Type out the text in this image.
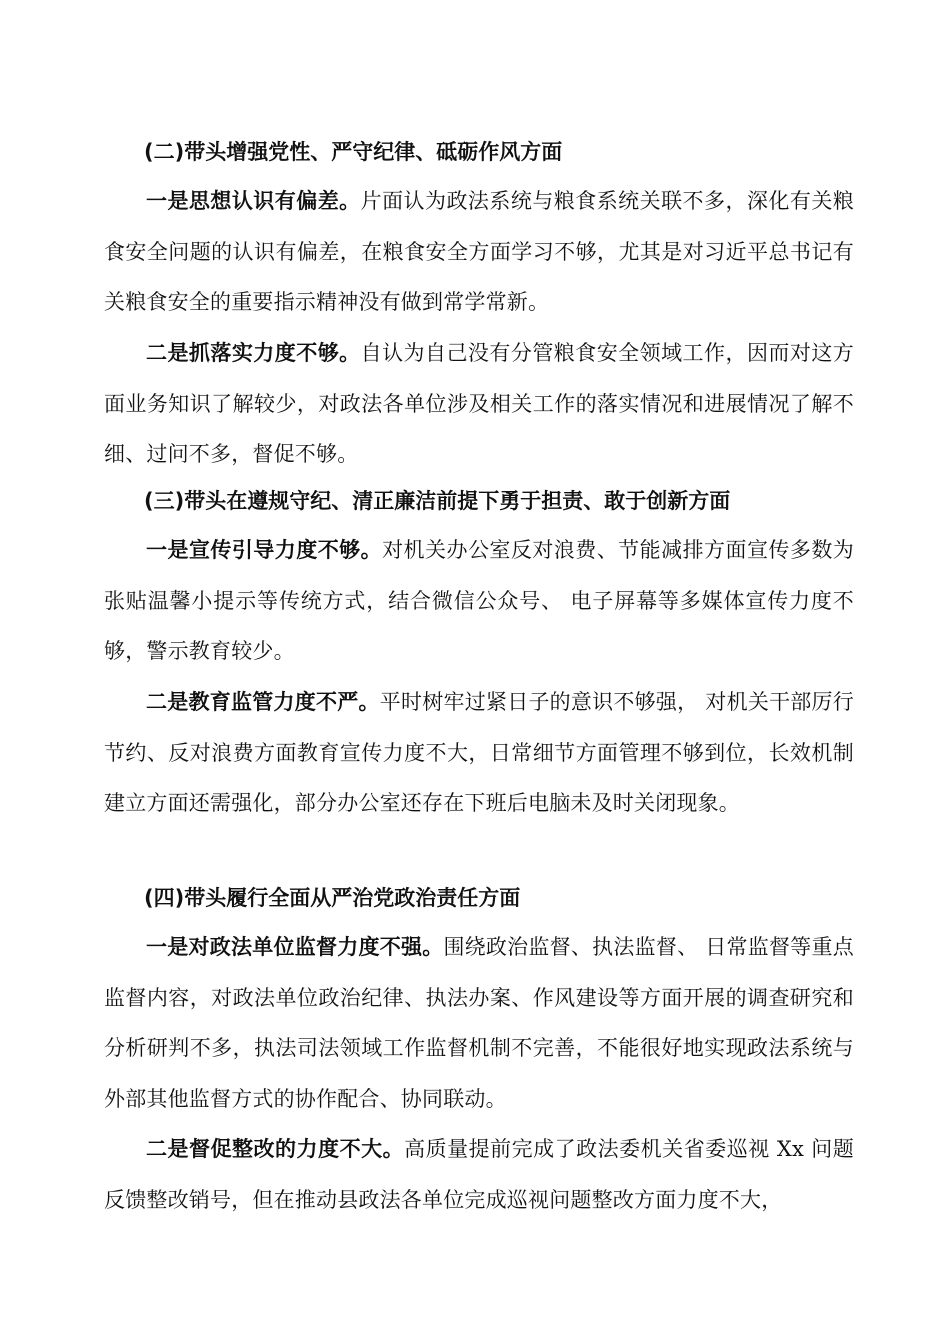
(二)带头增强党性、严守纪律、砥砺作风方面

一是思想认识有偏差。片面认为政法系统与粮食系统关联不多，深化有关粮食安全问题的认识有偏差，在粮食安全方面学习不够，尤其是对习近平总书记有关粮食安全的重要指示精神没有做到常学常新。

二是抓落实力度不够。自认为自己没有分管粮食安全领域工作，因而对这方面业务知识了解较少，对政法各单位涉及相关工作的落实情况和进展情况了解不细、过问不多，督促不够。

(三)带头在遵规守纪、清正廉洁前提下勇于担责、敢于创新方面

一是宣传引导力度不够。对机关办公室反对浪费、节能减排方面宣传多数为张贴温馨小提示等传统方式，结合微信公众号、 电子屏幕等多媒体宣传力度不够，警示教育较少。

二是教育监管力度不严。平时树牢过紧日子的意识不够强， 对机关干部厉行节约、反对浪费方面教育宣传力度不大，日常细节方面管理不够到位，长效机制建立方面还需强化，部分办公室还存在下班后电脑未及时关闭现象。

(四)带头履行全面从严治党政治责任方面

一是对政法单位监督力度不强。围绕政治监督、执法监督、 日常监督等重点监督内容，对政法单位政治纪律、执法办案、作风建设等方面开展的调查研究和分析研判不多，执法司法领域工作监督机制不完善，不能很好地实现政法系统与外部其他监督方式的协作配合、协同联动。

二是督促整改的力度不大。高质量提前完成了政法委机关省委巡视 Xx 问题反馈整改销号，但在推动县政法各单位完成巡视问题整改方面力度不大，
